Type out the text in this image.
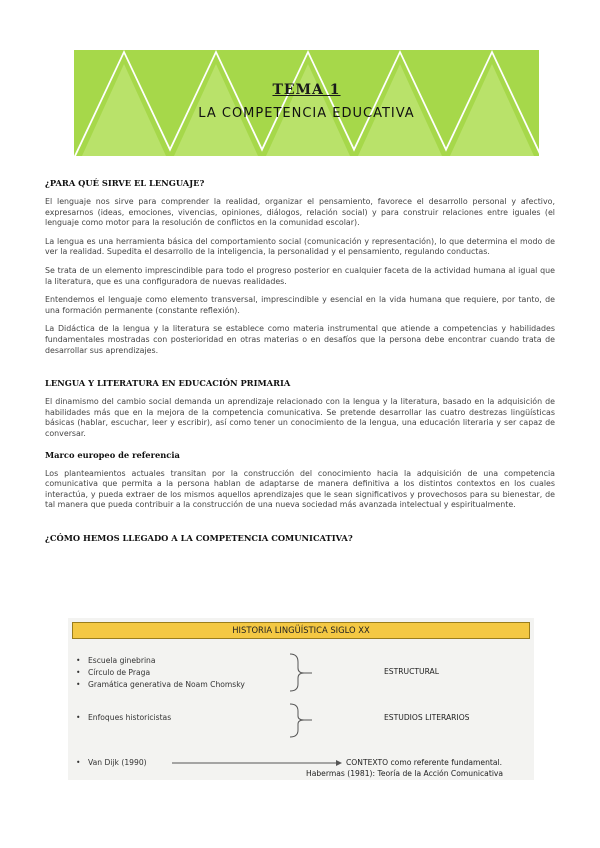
TEMA 1
LA COMPETENCIA EDUCATIVA
¿PARA QUÉ SIRVE EL LENGUAJE?

El lenguaje nos sirve para comprender la realidad, organizar el pensamiento, favorece el desarrollo personal y afectivo, expresarnos (ideas, emociones, vivencias, opiniones, diálogos, relación social) y para construir relaciones entre iguales (el lenguaje como motor para la resolución de conflictos en la comunidad escolar).

La lengua es una herramienta básica del comportamiento social (comunicación y representación), lo que determina el modo de ver la realidad. Supedita el desarrollo de la inteligencia, la personalidad y el pensamiento, regulando conductas.

Se trata de un elemento imprescindible para todo el progreso posterior en cualquier faceta de la actividad humana al igual que la literatura, que es una configuradora de nuevas realidades.

Entendemos el lenguaje como elemento transversal, imprescindible y esencial en la vida humana que requiere, por tanto, de una formación permanente (constante reflexión).

La Didáctica de la lengua y la literatura se establece como materia instrumental que atiende a competencias y habilidades fundamentales mostradas con posterioridad en otras materias o en desafíos que la persona debe encontrar cuando trata de desarrollar sus aprendizajes.

LENGUA Y LITERATURA EN EDUCACIÓN PRIMARIA

El dinamismo del cambio social demanda un aprendizaje relacionado con la lengua y la literatura, basado en la adquisición de habilidades más que en la mejora de la competencia comunicativa. Se pretende desarrollar las cuatro destrezas lingüísticas básicas (hablar, escuchar, leer y escribir), así como tener un conocimiento de la lengua, una educación literaria y ser capaz de conversar.

Marco europeo de referencia

Los planteamientos actuales transitan por la construcción del conocimiento hacia la adquisición de una competencia comunicativa que permita a la persona hablan de adaptarse de manera definitiva a los distintos contextos en los cuales interactúa, y pueda extraer de los mismos aquellos aprendizajes que le sean significativos y provechosos para su bienestar, de tal manera que pueda contribuir a la construcción de una nueva sociedad más avanzada intelectual y espiritualmente.

¿CÓMO HEMOS LLEGADO A LA COMPETENCIA COMUNICATIVA?
HISTORIA LINGÜÍSTICA SIGLO XX
• Escuela ginebrina
• Círculo de Praga
• Gramática generativa de Noam Chomsky
ESTRUCTURAL
• Enfoques historicistas	ESTUDIOS LITERARIOS
• Van Dijk (1990)	CONTEXTO como referente fundamental.
Habermas (1981): Teoría de la Acción Comunicativa
